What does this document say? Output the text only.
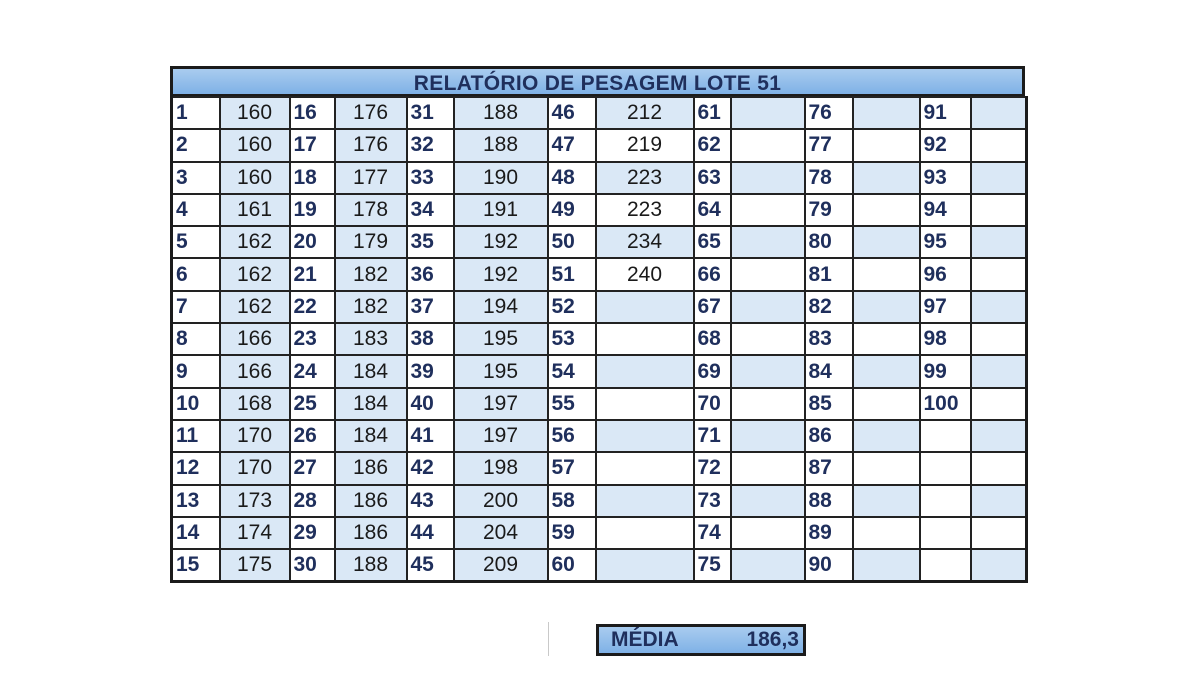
RELATÓRIO DE PESAGEM LOTE 51
1	160	16	176	31	188	46	212	61		76		91	
2	160	17	176	32	188	47	219	62		77		92	
3	160	18	177	33	190	48	223	63		78		93	
4	161	19	178	34	191	49	223	64		79		94	
5	162	20	179	35	192	50	234	65		80		95	
6	162	21	182	36	192	51	240	66		81		96	
7	162	22	182	37	194	52		67		82		97	
8	166	23	183	38	195	53		68		83		98	
9	166	24	184	39	195	54		69		84		99	
10	168	25	184	40	197	55		70		85		100	
11	170	26	184	41	197	56		71		86			
12	170	27	186	42	198	57		72		87			
13	173	28	186	43	200	58		73		88			
14	174	29	186	44	204	59		74		89			
15	175	30	188	45	209	60		75		90			
MÉDIA	186,3
